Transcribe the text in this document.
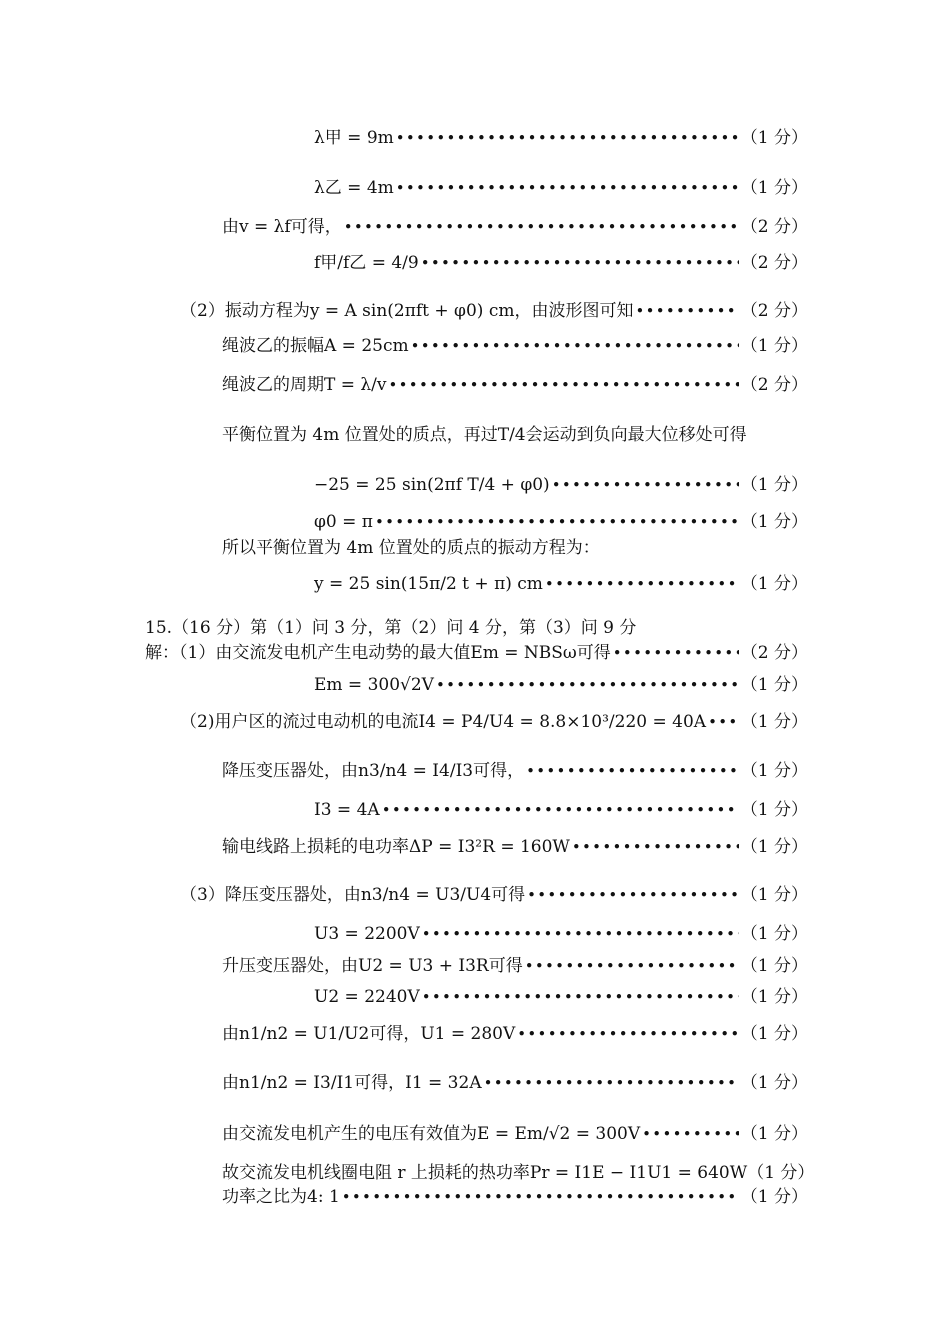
λ甲 = 9m •••••	（1 分）
λ乙 = 4m •••••	（1 分）
由v = λf可得， •••••	（2 分）
f甲/f乙 = 4/9 •••••	（2 分）
（2）振动方程为y = A sin(2πft + φ0) cm，由波形图可知 •••••	（2 分）
绳波乙的振幅A = 25cm •••••	（1 分）
绳波乙的周期T = λ/v •••••	（2 分）
平衡位置为 4m 位置处的质点，再过T/4会运动到负向最大位移处可得
−25 = 25 sin(2πf T/4 + φ0) •••••	（1 分）
φ0 = π •••••	（1 分）
所以平衡位置为 4m 位置处的质点的振动方程为：
y = 25 sin(15π/2 t + π) cm •••••	（1 分）
15.（16 分）第（1）问 3 分，第（2）问 4 分，第（3）问 9 分
解：（1）由交流发电机产生电动势的最大值Em = NBSω可得 •••••	（2 分）
Em = 300√2V •••••	（1 分）
（2)用户区的流过电动机的电流I4 = P4/U4 = 8.8×10³/220 = 40A ••••• （1 分）
降压变压器处，由n3/n4 = I4/I3可得， •••••	（1 分）
I3 = 4A •••••	（1 分）
输电线路上损耗的电功率ΔP = I3²R = 160W •••••	（1 分）
（3）降压变压器处，由n3/n4 = U3/U4可得 •••••	（1 分）
U3 = 2200V •••••	（1 分）
升压变压器处，由U2 = U3 + I3R可得 •••••	（1 分）
U2 = 2240V •••••	（1 分）
由n1/n2 = U1/U2可得，U1 = 280V •••••	（1 分）
由n1/n2 = I3/I1可得，I1 = 32A •••••	（1 分）
由交流发电机产生的电压有效值为E = Em/√2 = 300V •••••	（1 分）
故交流发电机线圈电阻 r 上损耗的热功率Pr = I1E − I1U1 = 640W（1 分）
功率之比为4: 1 •••••	（1 分）
